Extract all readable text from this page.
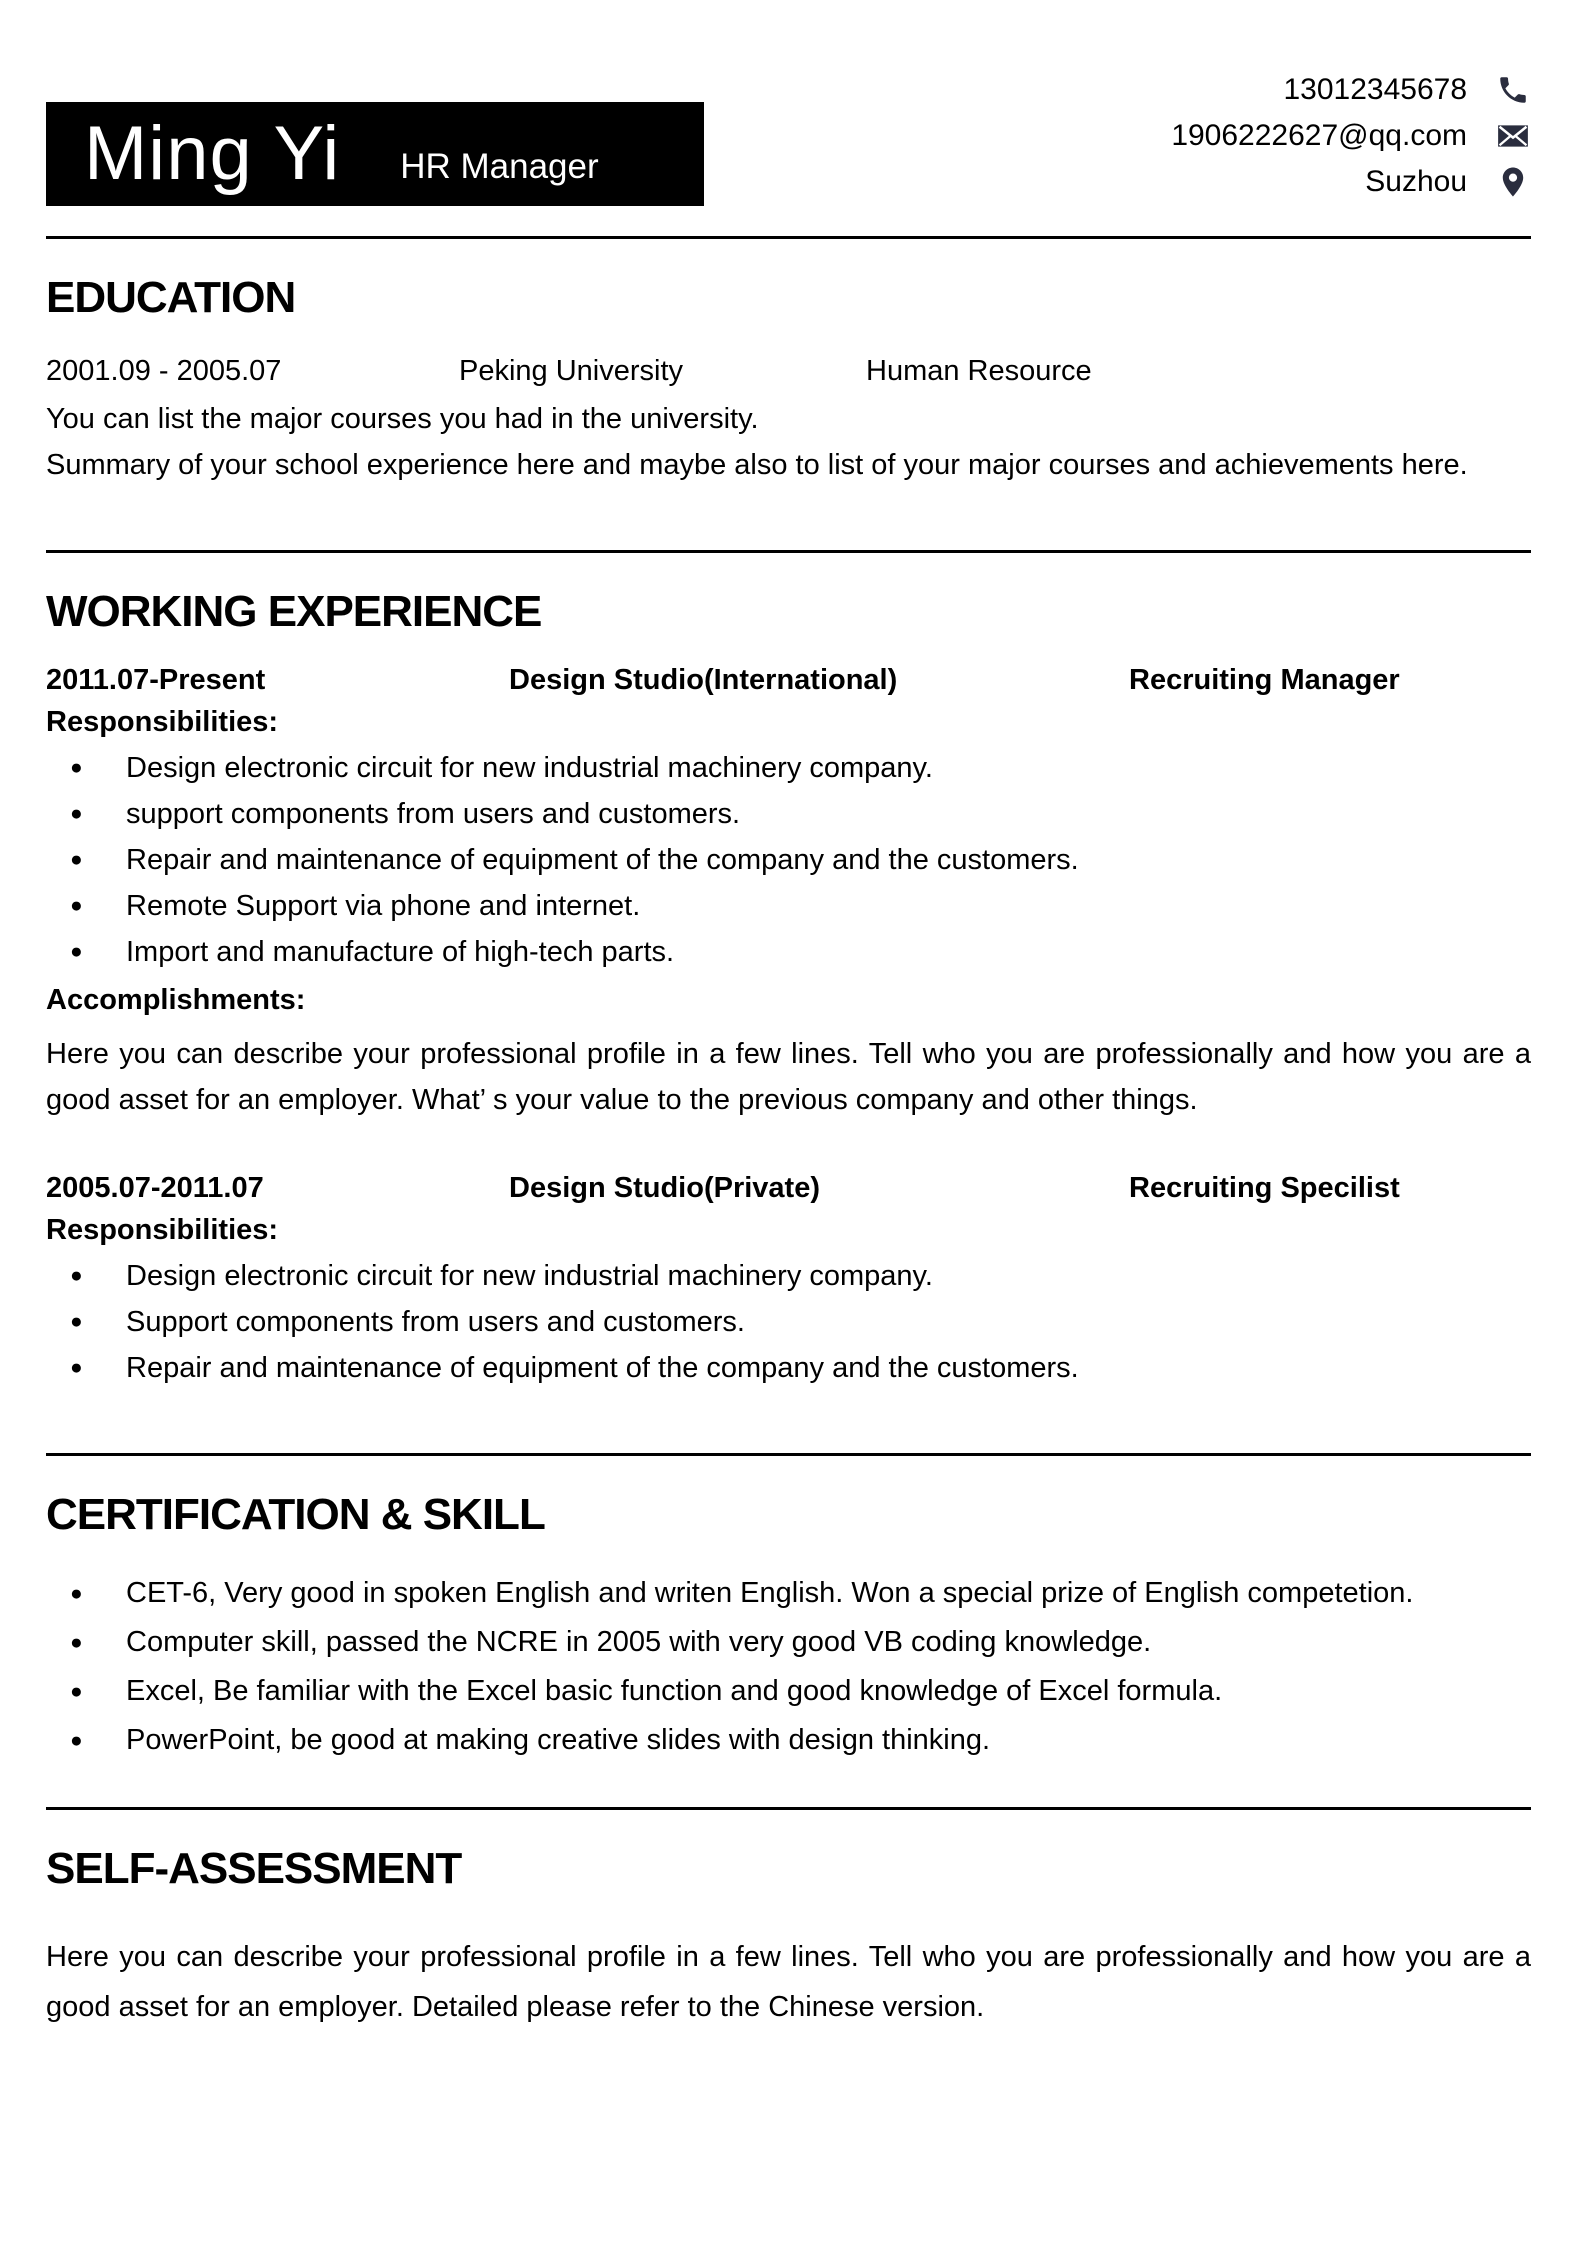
Ming Yi HR Manager
13012345678
1906222627@qq.com
Suzhou
EDUCATION
2001.09 - 2005.07	Peking University	Human Resource

You can list the major courses you had in the university.

Summary of your school experience here and maybe also to list of your major courses and achievements here.

WORKING EXPERIENCE
2011.07-Present	Design Studio(International)	Recruiting Manager
Responsibilities:
● Design electronic circuit for new industrial machinery company.
● support components from users and customers.
● Repair and maintenance of equipment of the company and the customers.
● Remote Support via phone and internet.
● Import and manufacture of high-tech parts.
Accomplishments:

Here you can describe your professional profile in a few lines. Tell who you are professionally and how you are a good asset for an employer. What’ s your value to the previous company and other things.

2005.07-2011.07	Design Studio(Private)	Recruiting Specilist
Responsibilities:
● Design electronic circuit for new industrial machinery company.
● Support components from users and customers.
● Repair and maintenance of equipment of the company and the customers.
CERTIFICATION & SKILL
● CET-6, Very good in spoken English and writen English. Won a special prize of English competetion.
● Computer skill, passed the NCRE in 2005 with very good VB coding knowledge.
● Excel, Be familiar with the Excel basic function and good knowledge of Excel formula.
● PowerPoint, be good at making creative slides with design thinking.
SELF-ASSESSMENT

Here you can describe your professional profile in a few lines. Tell who you are professionally and how you are a good asset for an employer. Detailed please refer to the Chinese version.
